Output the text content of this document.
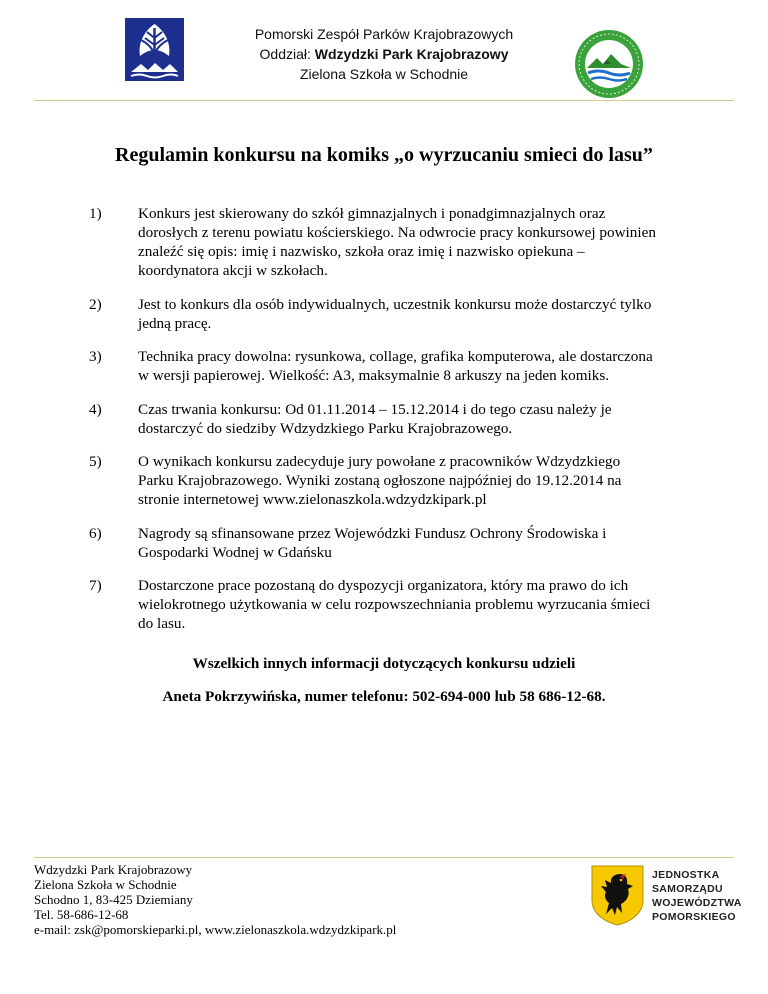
Pomorski Zespół Parków Krajobrazowych
Oddział: Wdzydzki Park Krajobrazowy
Zielona Szkoła w Schodnie
Regulamin konkursu na komiks „o wyrzucaniu smieci do lasu”
1) Konkurs jest skierowany do szkół gimnazjalnych i ponadgimnazjalnych oraz dorosłych z terenu powiatu kościerskiego. Na odwrocie pracy konkursowej powinien znaleźć się opis: imię i nazwisko, szkoła oraz imię i nazwisko opiekuna – koordynatora akcji w szkołach.
2) Jest to konkurs dla osób indywidualnych, uczestnik konkursu może dostarczyć tylko jedną pracę.
3) Technika pracy dowolna: rysunkowa, collage, grafika komputerowa, ale dostarczona w wersji papierowej. Wielkość: A3, maksymalnie 8 arkuszy na jeden komiks.
4) Czas trwania konkursu: Od 01.11.2014 – 15.12.2014 i do tego czasu należy je dostarczyć do siedziby Wdzydzkiego Parku Krajobrazowego.
5) O wynikach konkursu zadecyduje jury powołane z pracowników Wdzydzkiego Parku Krajobrazowego. Wyniki zostaną ogłoszone najpóźniej do 19.12.2014 na stronie internetowej www.zielonaszkola.wdzydzkipark.pl
6) Nagrody są sfinansowane przez Wojewódzki Fundusz Ochrony Środowiska i Gospodarki Wodnej w Gdańsku
7) Dostarczone prace pozostaną do dyspozycji organizatora, który ma prawo do ich wielokrotnego użytkowania w celu rozpowszechniania problemu wyrzucania śmieci do lasu.
Wszelkich innych informacji dotyczących konkursu udzieli
Aneta Pokrzywińska, numer telefonu: 502-694-000 lub 58 686-12-68.
Wdzydzki Park Krajobrazowy
Zielona Szkoła w Schodnie
Schodno 1, 83-425 Dziemiany
Tel. 58-686-12-68
e-mail: zsk@pomorskieparki.pl, www.zielonaszkola.wdzydzkipark.pl
JEDNOSTKA
SAMORZĄDU
WOJEWÓDZTWA
POMORSKIEGO
